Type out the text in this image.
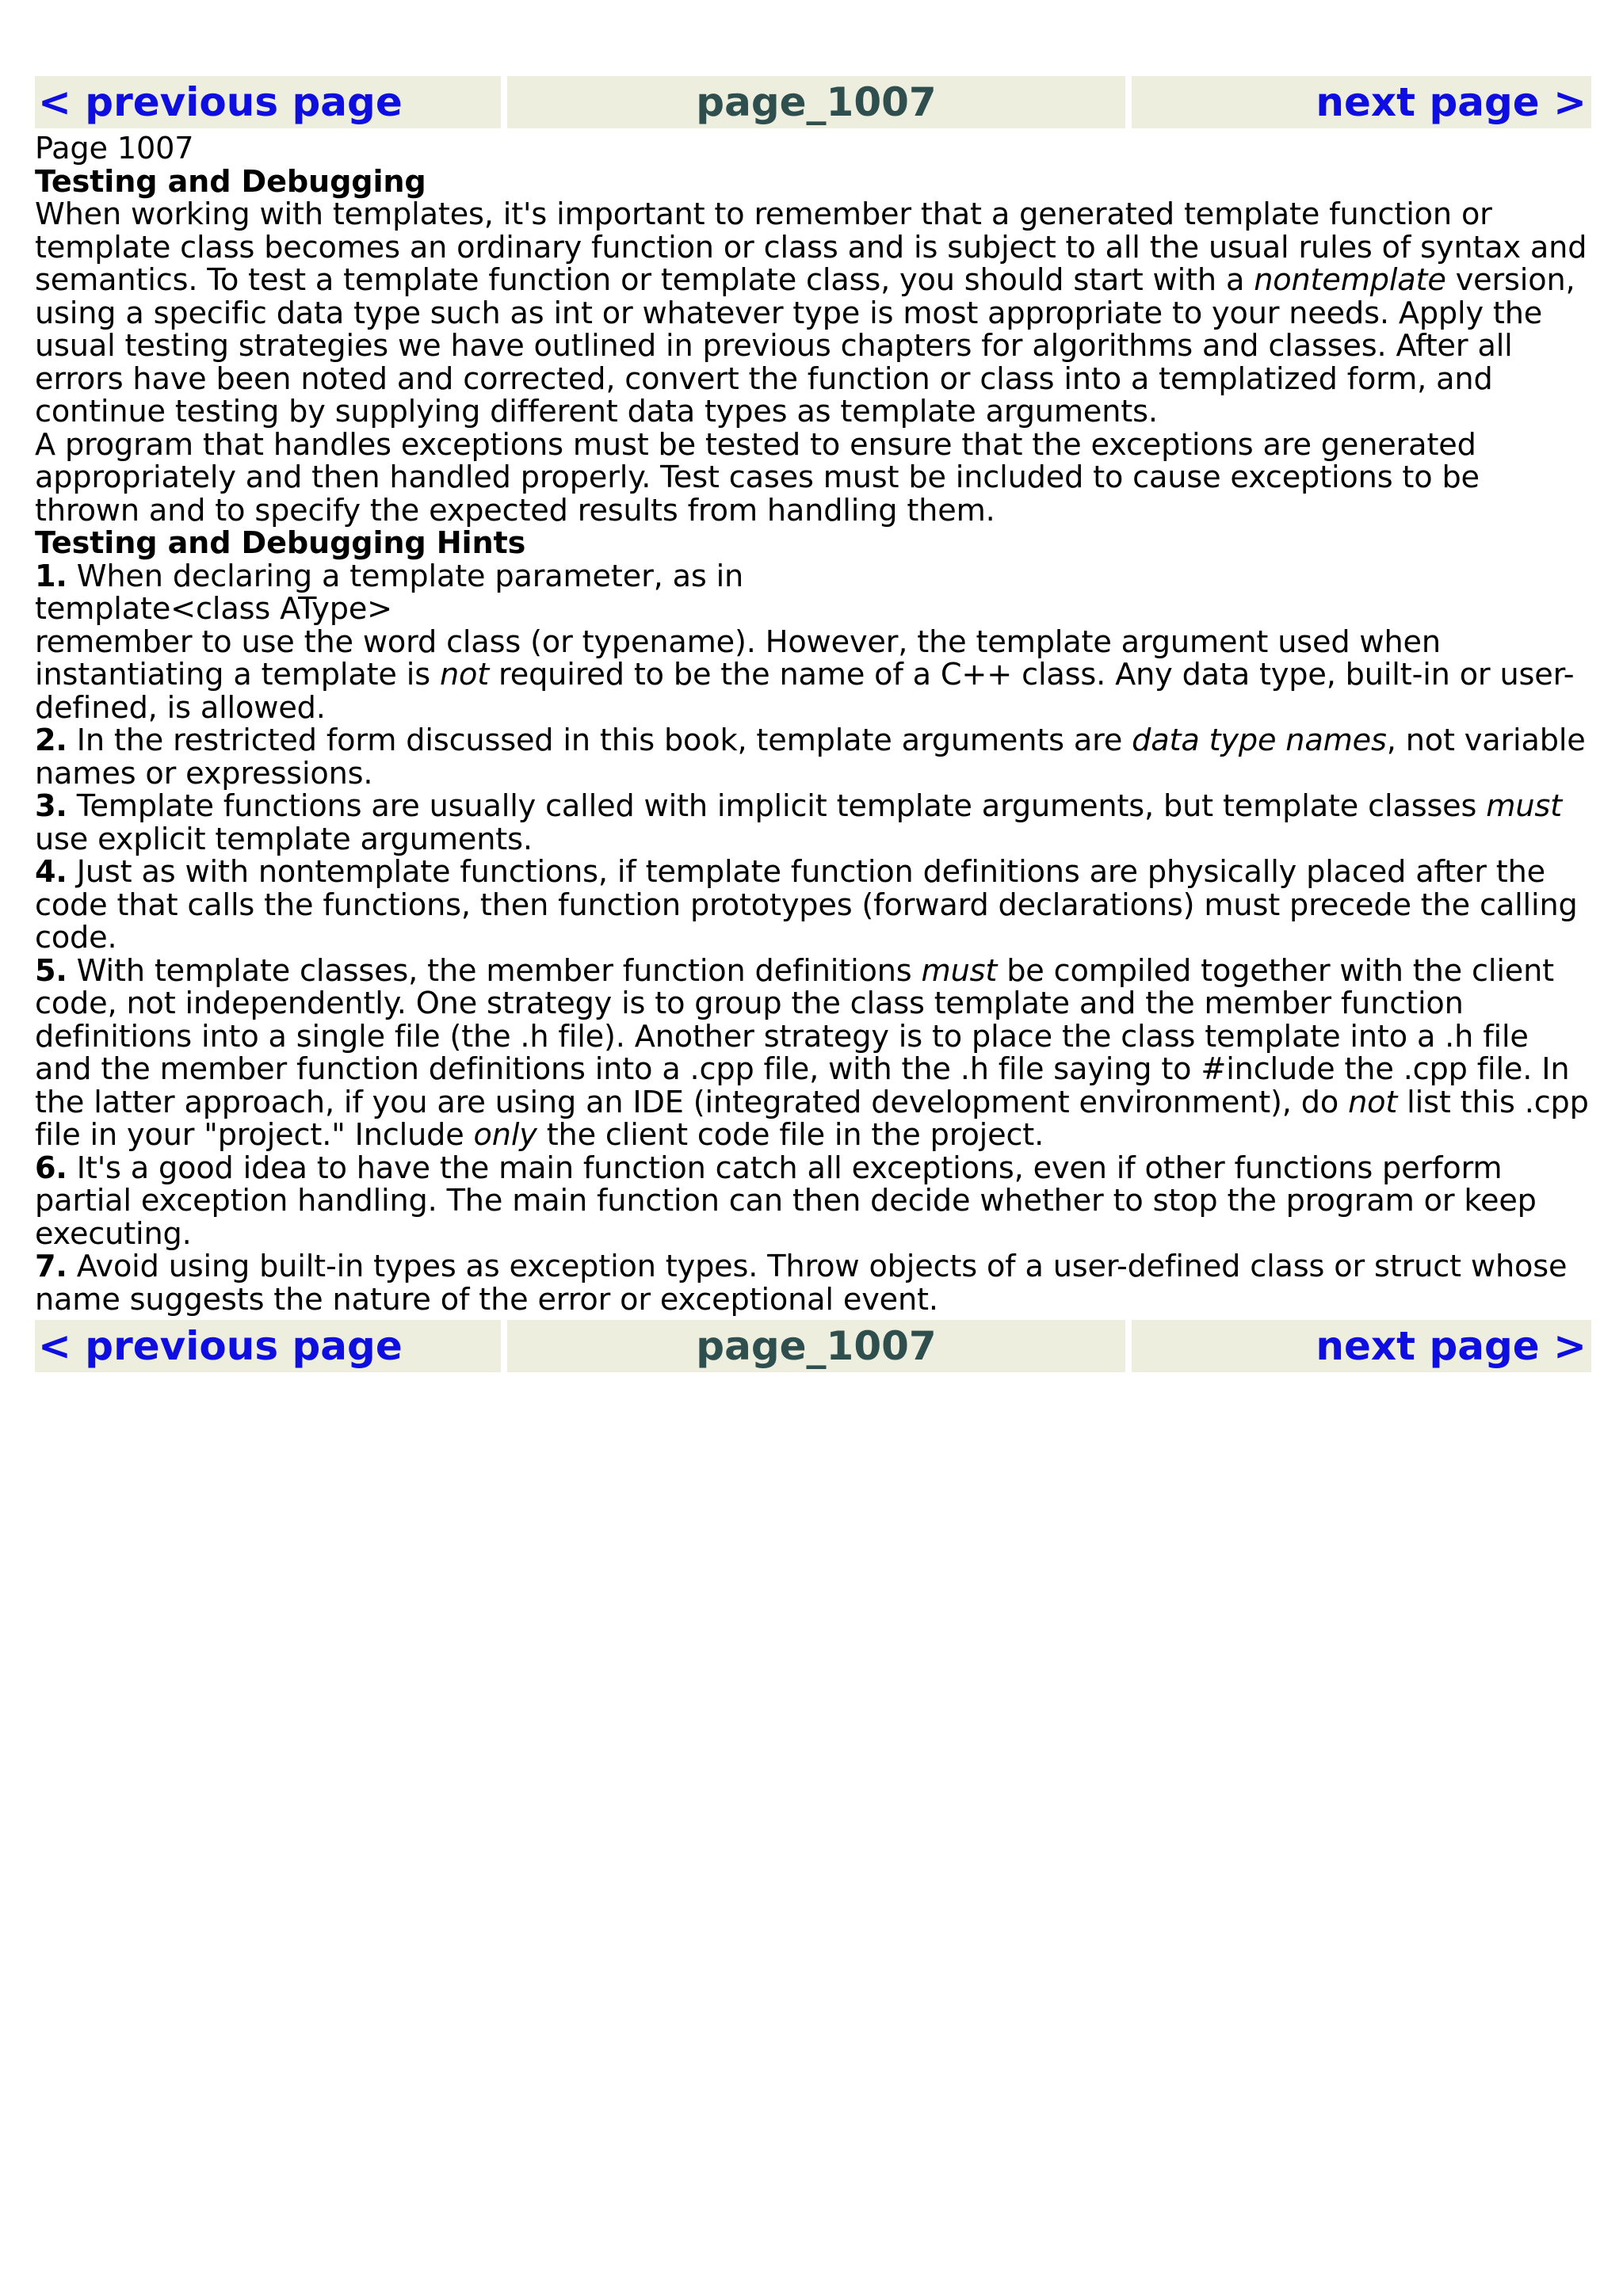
< previous page	page_1007	next page >

Page 1007

Testing and Debugging

When working with templates, it's important to remember that a generated template function or template class becomes an ordinary function or class and is subject to all the usual rules of syntax and semantics. To test a template function or template class, you should start with a nontemplate version, using a specific data type such as int or whatever type is most appropriate to your needs. Apply the usual testing strategies we have outlined in previous chapters for algorithms and classes. After all errors have been noted and corrected, convert the function or class into a templatized form, and continue testing by supplying different data types as template arguments.

A program that handles exceptions must be tested to ensure that the exceptions are generated appropriately and then handled properly. Test cases must be included to cause exceptions to be thrown and to specify the expected results from handling them.

Testing and Debugging Hints

1. When declaring a template parameter, as in

template<class AType>

remember to use the word class (or typename). However, the template argument used when instantiating a template is not required to be the name of a C++ class. Any data type, built-in or user-defined, is allowed.

2. In the restricted form discussed in this book, template arguments are data type names, not variable names or expressions.

3. Template functions are usually called with implicit template arguments, but template classes must use explicit template arguments.

4. Just as with nontemplate functions, if template function definitions are physically placed after the code that calls the functions, then function prototypes (forward declarations) must precede the calling code.

5. With template classes, the member function definitions must be compiled together with the client code, not independently. One strategy is to group the class template and the member function definitions into a single file (the .h file). Another strategy is to place the class template into a .h file and the member function definitions into a .cpp file, with the .h file saying to #include the .cpp file. In the latter approach, if you are using an IDE (integrated development environment), do not list this .cpp file in your "project." Include only the client code file in the project.

6. It's a good idea to have the main function catch all exceptions, even if other functions perform partial exception handling. The main function can then decide whether to stop the program or keep executing.

7. Avoid using built-in types as exception types. Throw objects of a user-defined class or struct whose name suggests the nature of the error or exceptional event.

< previous page	page_1007	next page >
